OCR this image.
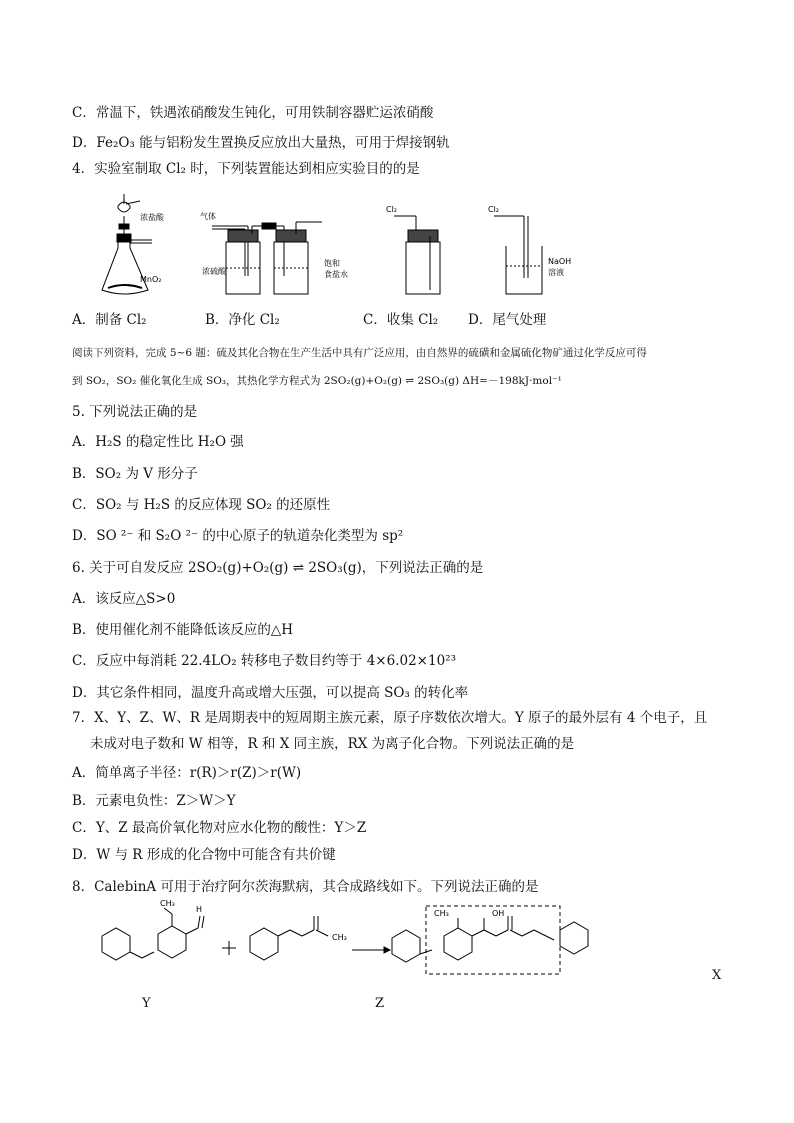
C．常温下，铁遇浓硝酸发生钝化，可用铁制容器贮运浓硝酸
D．Fe₂O₃ 能与铝粉发生置换反应放出大量热，可用于焊接钢轨
4．实验室制取 Cl₂ 时，下列装置能达到相应实验目的的是
浓盐酸
MnO₂
气体
浓硫酸
饱和
食盐水
Cl₂	Cl₂
NaOH
溶液
A．制备 Cl₂	B．净化 Cl₂	C．收集 Cl₂ D．尾气处理
阅读下列资料，完成 5~6 题：硫及其化合物在生产生活中具有广泛应用，由自然界的硫磺和金属硫化物矿通过化学反应可得
到 SO₂，SO₂ 催化氧化生成 SO₃，其热化学方程式为 2SO₂(g)+O₂(g) ⇌ 2SO₃(g) ΔH=－198kJ·mol⁻¹
5. 下列说法正确的是
A．H₂S 的稳定性比 H₂O 强
B．SO₂ 为 V 形分子
C．SO₂ 与 H₂S 的反应体现 SO₂ 的还原性
D．SO ²⁻ 和 S₂O ²⁻ 的中心原子的轨道杂化类型为 sp²
6. 关于可自发反应 2SO₂(g)+O₂(g) ⇌ 2SO₃(g)，下列说法正确的是
A．该反应△S>0
B．使用催化剂不能降低该反应的△H
C．反应中每消耗 22.4LO₂ 转移电子数目约等于 4×6.02×10²³
D．其它条件相同，温度升高或增大压强，可以提高 SO₃ 的转化率
7．X、Y、Z、W、R 是周期表中的短周期主族元素，原子序数依次增大。Y 原子的最外层有 4 个电子，且
未成对电子数和 W 相等，R 和 X 同主族，RX 为离子化合物。下列说法正确的是
A．简单离子半径：r(R)＞r(Z)＞r(W)
B．元素电负性：Z＞W＞Y
C．Y、Z 最高价氧化物对应水化物的酸性：Y＞Z
D．W 与 R 形成的化合物中可能含有共价键
8．CalebinA 可用于治疗阿尔茨海默病，其合成路线如下。下列说法正确的是
CH₃
H
CH₃
CH₃	OH
Y	Z
X
